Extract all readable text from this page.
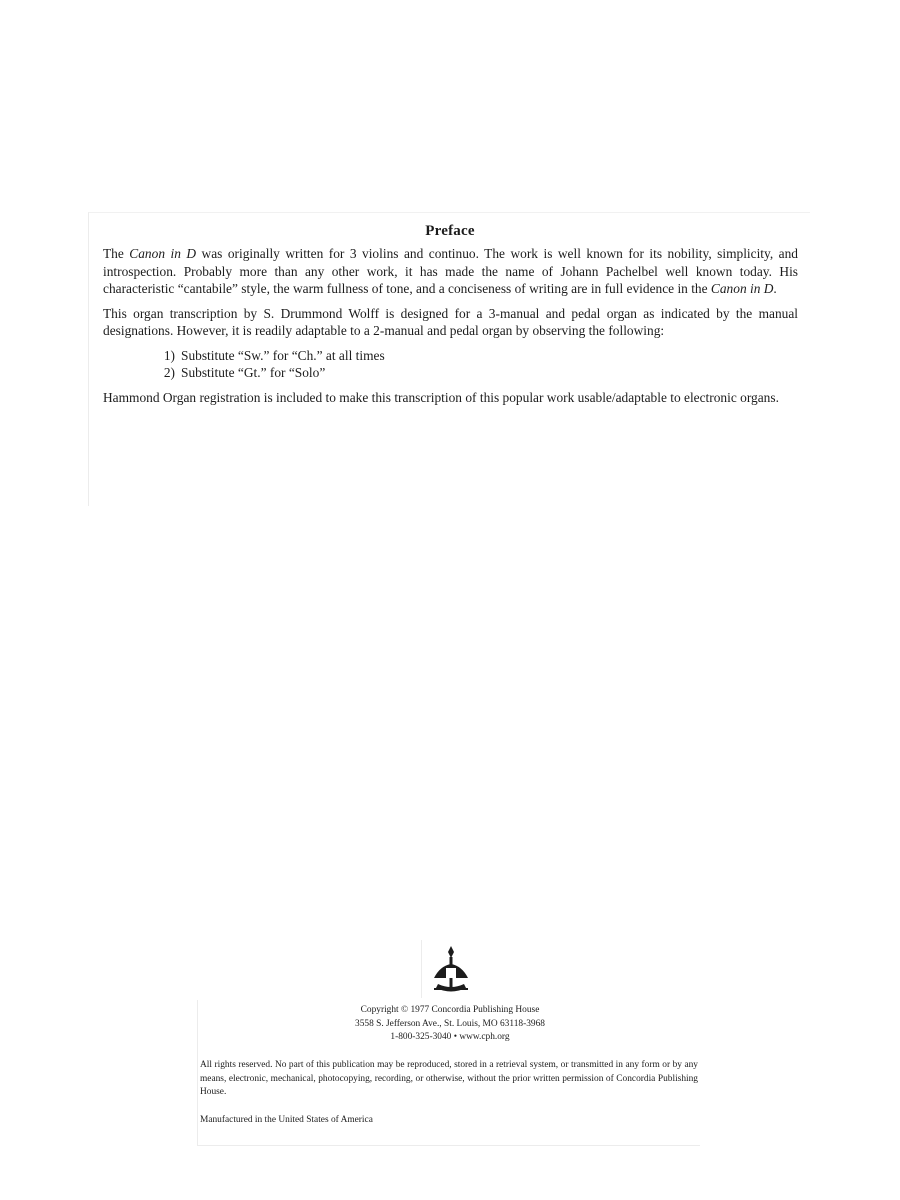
Preface

The Canon in D was originally written for 3 violins and continuo. The work is well known for its nobility, simplicity, and introspection. Probably more than any other work, it has made the name of Johann Pachelbel well known today. His characteristic “cantabile” style, the warm fullness of tone, and a conciseness of writing are in full evidence in the Canon in D.

This organ transcription by S. Drummond Wolff is designed for a 3-manual and pedal organ as indicated by the manual designations. However, it is readily adaptable to a 2-manual and pedal organ by observing the following:

1) Substitute “Sw.” for “Ch.” at all times
2) Substitute “Gt.” for “Solo”

Hammond Organ registration is included to make this transcription of this popular work usable/adaptable to electronic organs.

Copyright © 1977 Concordia Publishing House
3558 S. Jefferson Ave., St. Louis, MO 63118-3968
1-800-325-3040 • www.cph.org
All rights reserved. No part of this publication may be reproduced, stored in a retrieval system, or transmitted in any form or by any means, electronic, mechanical, photocopying, recording, or otherwise, without the prior written permission of Concordia Publishing House.
Manufactured in the United States of America
